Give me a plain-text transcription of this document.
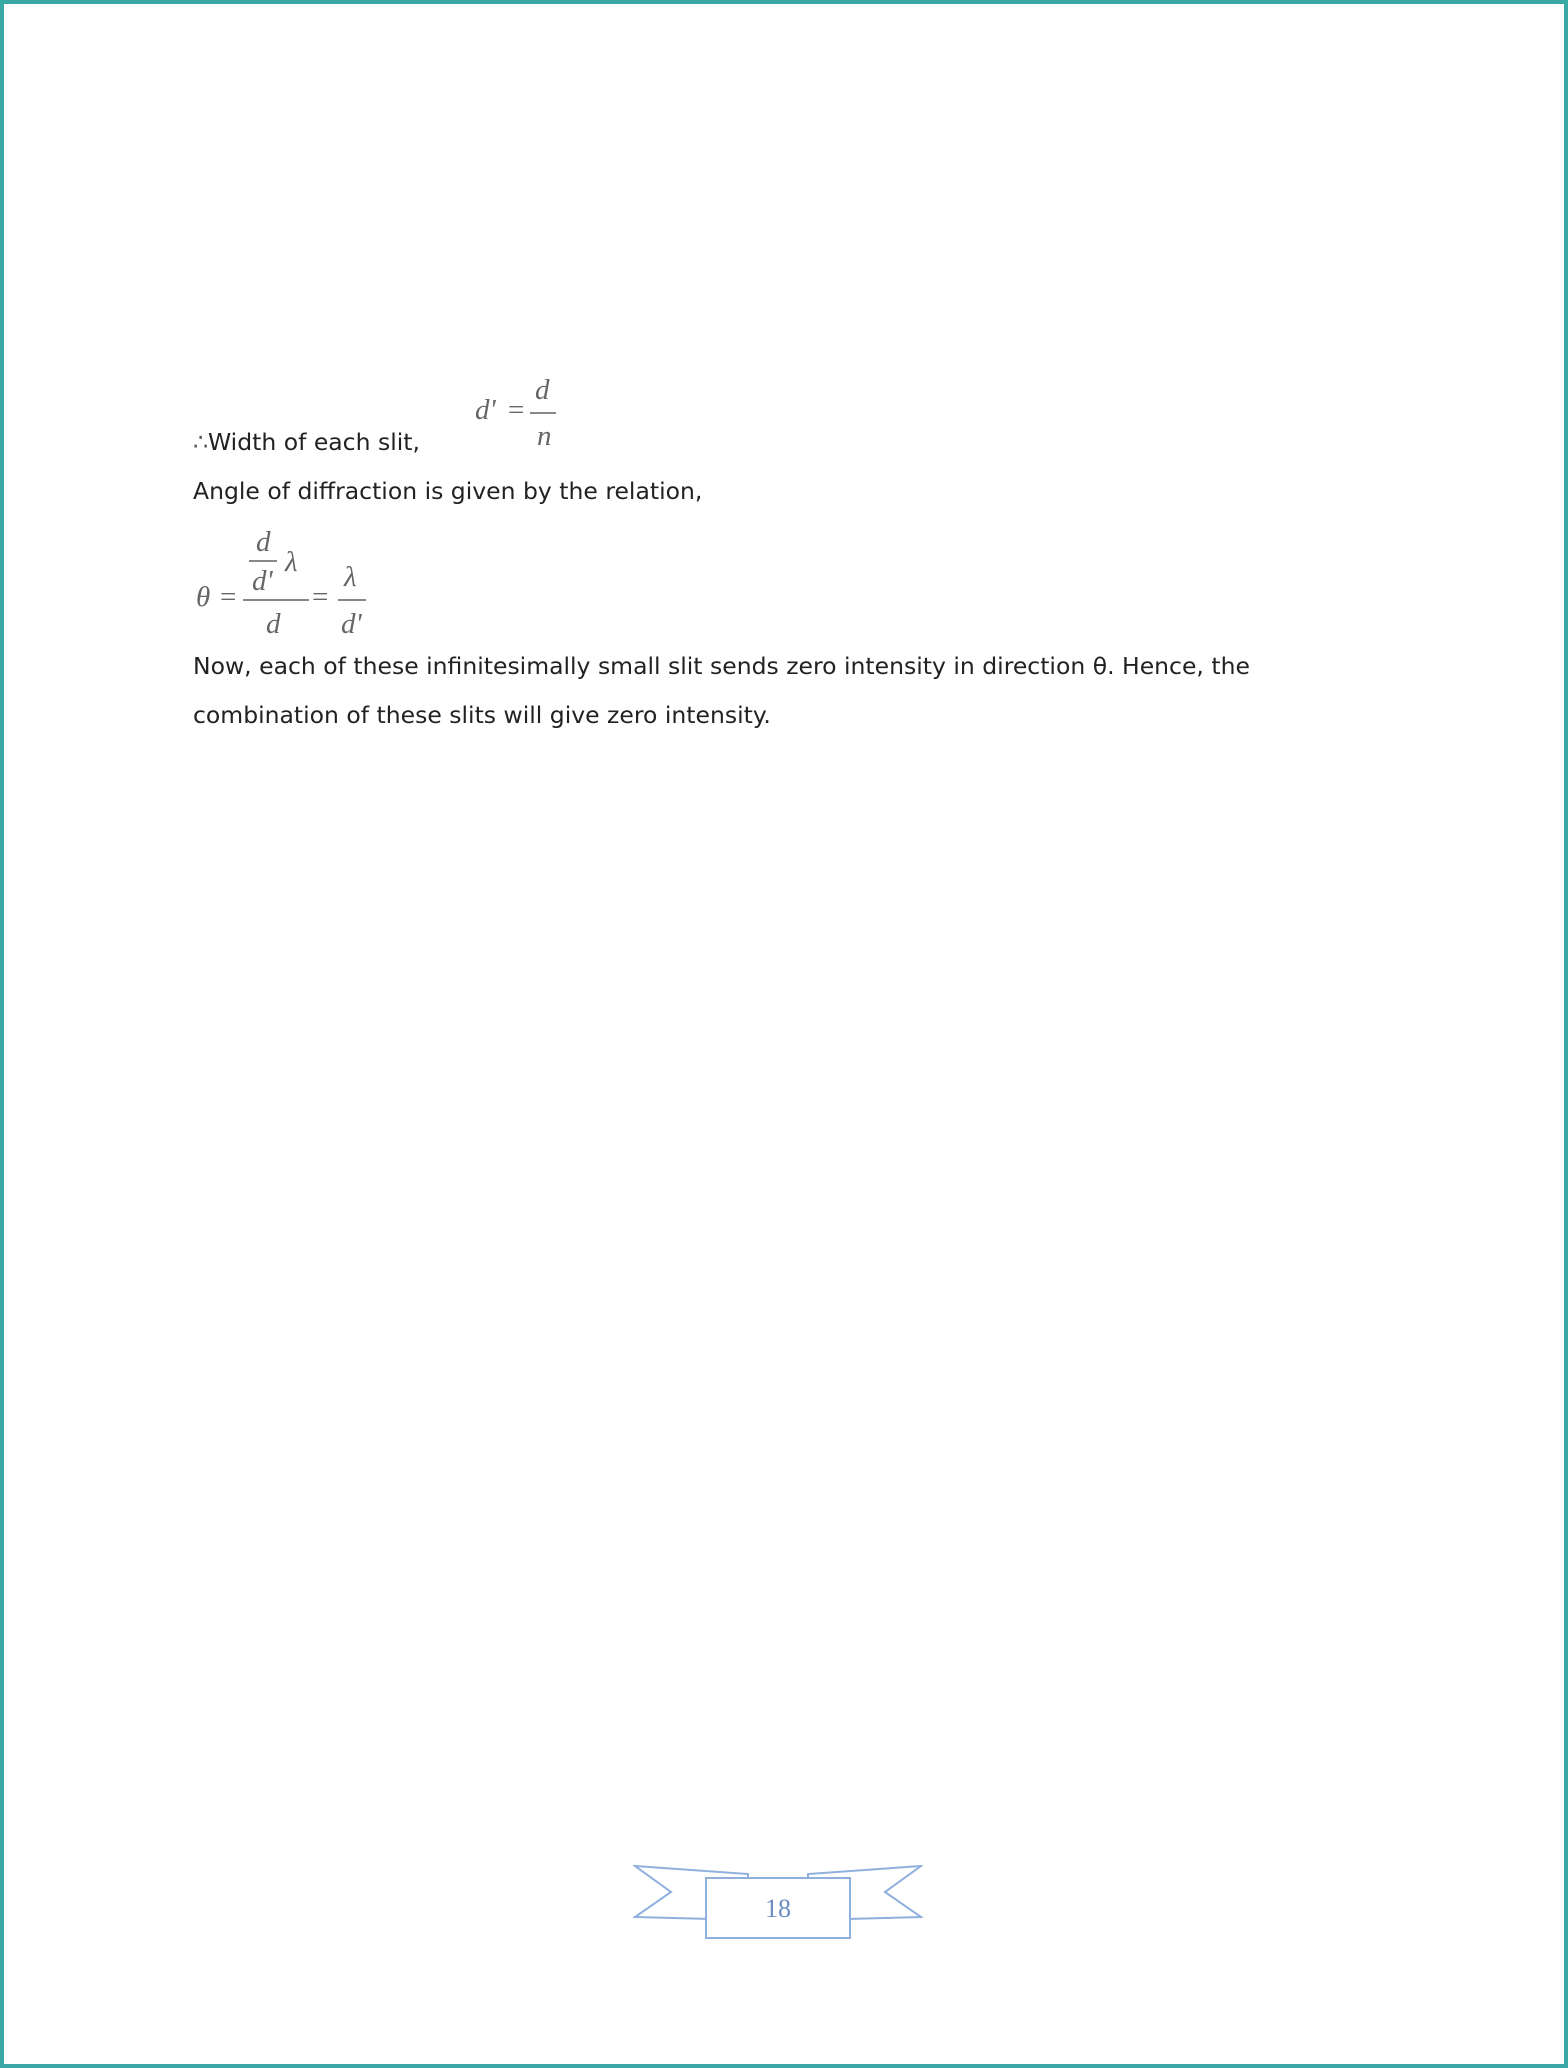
∴Width of each slit,
d' =
d
n
Angle of diffraction is given by the relation,
θ =
d
d'
λ
d
=
λ
d'
Now, each of these infinitesimally small slit sends zero intensity in direction θ. Hence, the
combination of these slits will give zero intensity.
18
